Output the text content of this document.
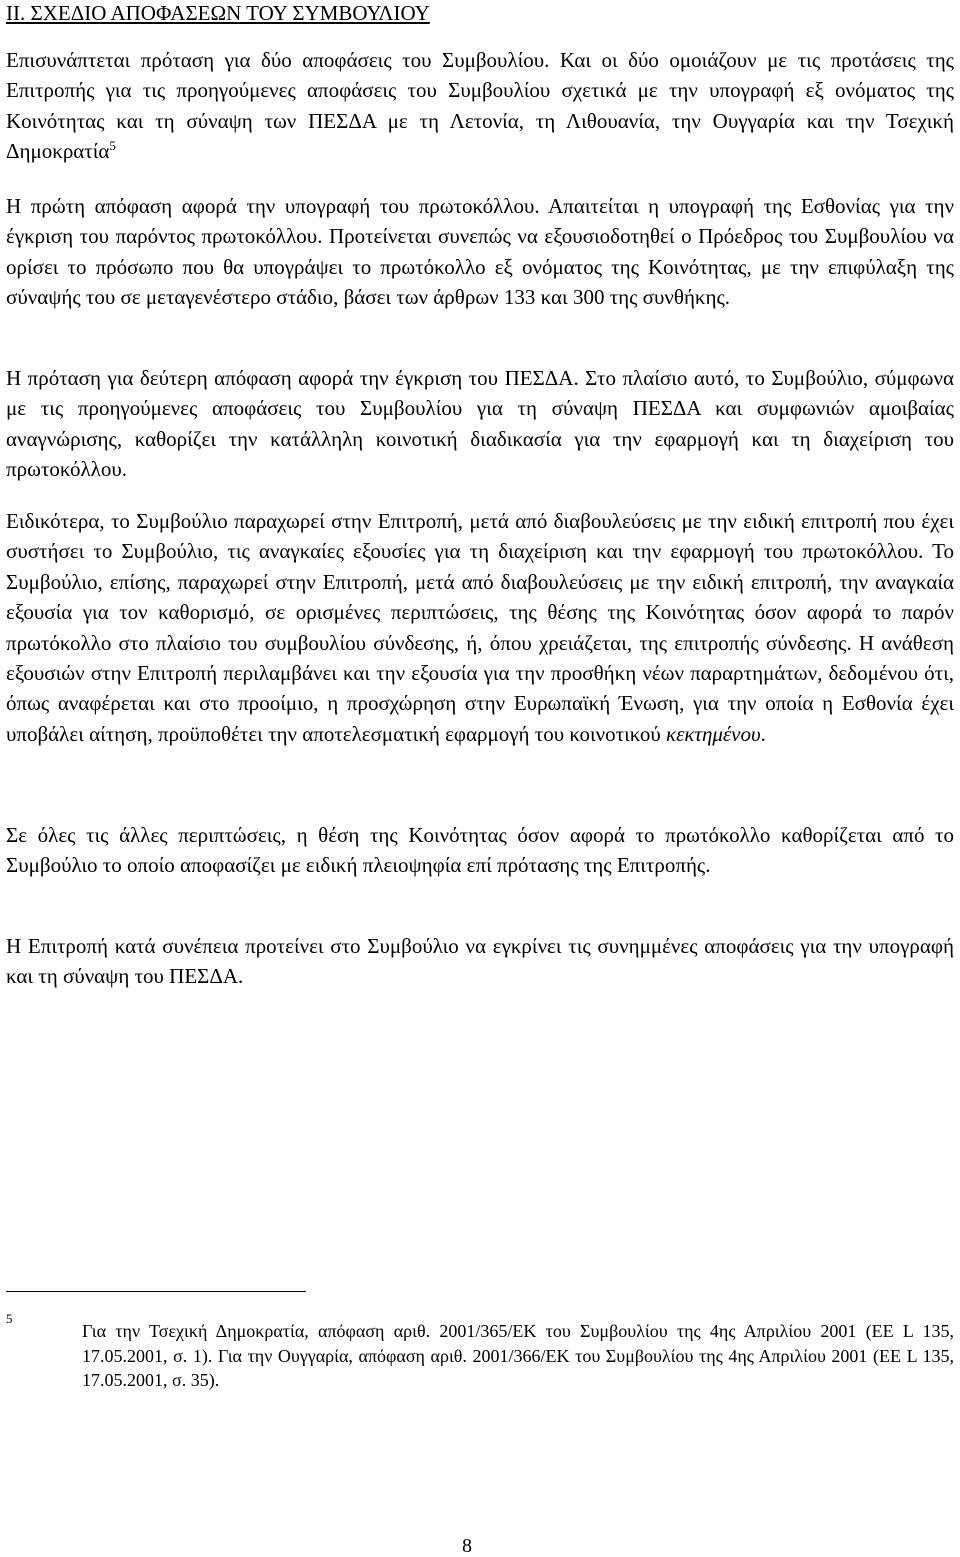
II. ΣΧΕΔΙΟ ΑΠΟΦΑΣΕΩΝ ΤΟΥ ΣΥΜΒΟΥΛΙΟΥ

Επισυνάπτεται πρόταση για δύο αποφάσεις του Συμβουλίου. Και οι δύο ομοιάζουν με τις προτάσεις της Επιτροπής για τις προηγούμενες αποφάσεις του Συμβουλίου σχετικά με την υπογραφή εξ ονόματος της Κοινότητας και τη σύναψη των ΠΕΣΔΑ με τη Λετονία, τη Λιθουανία, την Ουγγαρία και την Τσεχική Δημοκρατία$^5$

Η πρώτη απόφαση αφορά την υπογραφή του πρωτοκόλλου. Απαιτείται η υπογραφή της Εσθονίας για την έγκριση του παρόντος πρωτοκόλλου. Προτείνεται συνεπώς να εξουσιοδοτηθεί ο Πρόεδρος του Συμβουλίου να ορίσει το πρόσωπο που θα υπογράψει το πρωτόκολλο εξ ονόματος της Κοινότητας, με την επιφύλαξη της σύναψής του σε μεταγενέστερο στάδιο, βάσει των άρθρων 133 και 300 της συνθήκης.

Η πρόταση για δεύτερη απόφαση αφορά την έγκριση του ΠΕΣΔΑ. Στο πλαίσιο αυτό, το Συμβούλιο, σύμφωνα με τις προηγούμενες αποφάσεις του Συμβουλίου για τη σύναψη ΠΕΣΔΑ και συμφωνιών αμοιβαίας αναγνώρισης, καθορίζει την κατάλληλη κοινοτική διαδικασία για την εφαρμογή και τη διαχείριση του πρωτοκόλλου.

Ειδικότερα, το Συμβούλιο παραχωρεί στην Επιτροπή, μετά από διαβουλεύσεις με την ειδική επιτροπή που έχει συστήσει το Συμβούλιο, τις αναγκαίες εξουσίες για τη διαχείριση και την εφαρμογή του πρωτοκόλλου. Το Συμβούλιο, επίσης, παραχωρεί στην Επιτροπή, μετά από διαβουλεύσεις με την ειδική επιτροπή, την αναγκαία εξουσία για τον καθορισμό, σε ορισμένες περιπτώσεις, της θέσης της Κοινότητας όσον αφορά το παρόν πρωτόκολλο στο πλαίσιο του συμβουλίου σύνδεσης, ή, όπου χρειάζεται, της επιτροπής σύνδεσης. Η ανάθεση εξουσιών στην Επιτροπή περιλαμβάνει και την εξουσία για την προσθήκη νέων παραρτημάτων, δεδομένου ότι, όπως αναφέρεται και στο προοίμιο, η προσχώρηση στην Ευρωπαϊκή Ένωση, για την οποία η Εσθονία έχει υποβάλει αίτηση, προϋποθέτει την αποτελεσματική εφαρμογή του κοινοτικού κεκτημένου.

Σε όλες τις άλλες περιπτώσεις, η θέση της Κοινότητας όσον αφορά το πρωτόκολλο καθορίζεται από το Συμβούλιο το οποίο αποφασίζει με ειδική πλειοψηφία επί πρότασης της Επιτροπής.

Η Επιτροπή κατά συνέπεια προτείνει στο Συμβούλιο να εγκρίνει τις συνημμένες αποφάσεις για την υπογραφή και τη σύναψη του ΠΕΣΔΑ.

5

Για την Τσεχική Δημοκρατία, απόφαση αριθ. 2001/365/ΕΚ του Συμβουλίου της 4ης Απριλίου 2001 (ΕΕ L 135, 17.05.2001, σ. 1). Για την Ουγγαρία, απόφαση αριθ. 2001/366/ΕΚ του Συμβουλίου της 4ης Απριλίου 2001 (ΕΕ L 135, 17.05.2001, σ. 35).

8
